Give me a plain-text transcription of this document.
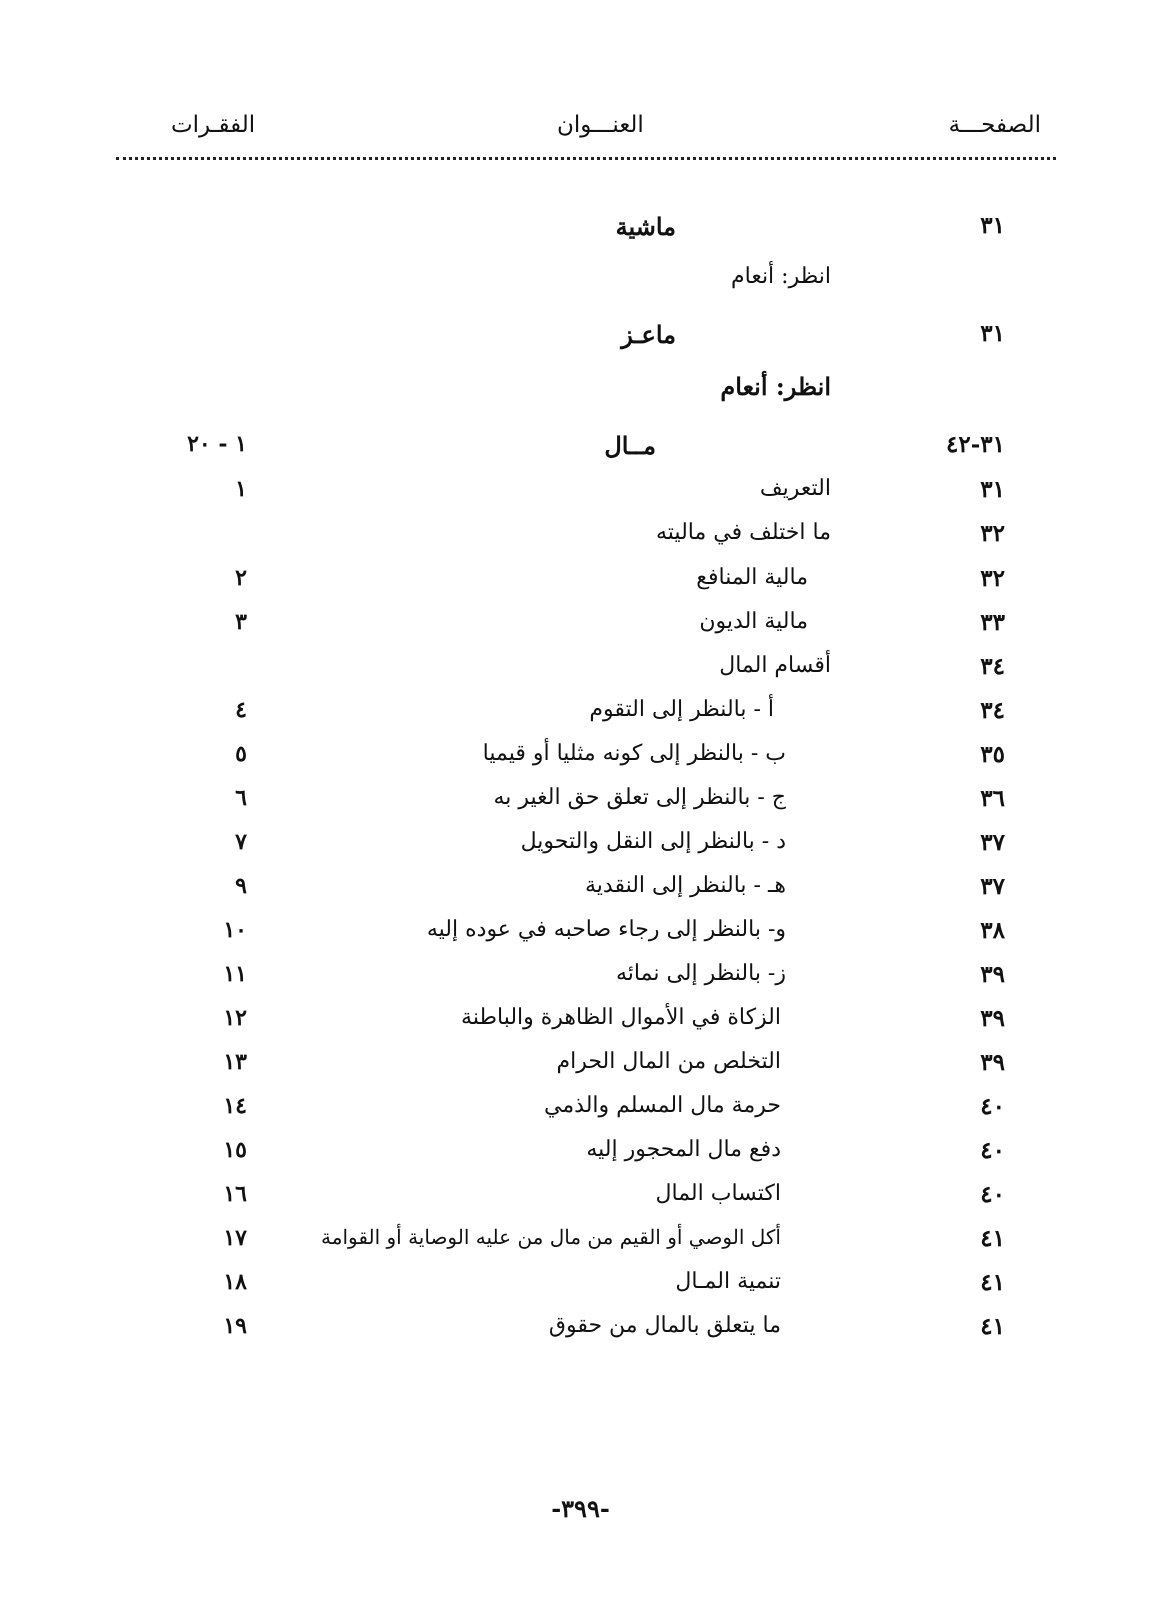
الصفحـــة
العنـــوان
الفقـرات
٣١
ماشية
انظر: أنعام
٣١
ماعـز
انظر: أنعام
٣١-٤٢
مــال
١ - ٢٠
٣١
التعريف
١
٣٢
ما اختلف في ماليته
٣٢
مالية المنافع
٢
٣٣
مالية الديون
٣
٣٤
أقسام المال
٣٤
أ - بالنظر إلى التقوم
٤
٣٥
ب - بالنظر إلى كونه مثليا أو قيميا
٥
٣٦
ج - بالنظر إلى تعلق حق الغير به
٦
٣٧
د - بالنظر إلى النقل والتحويل
٧
٣٧
هـ - بالنظر إلى النقدية
٩
٣٨
و- بالنظر إلى رجاء صاحبه في عوده إليه
١٠
٣٩
ز- بالنظر إلى نمائه
١١
٣٩
الزكاة في الأموال الظاهرة والباطنة
١٢
٣٩
التخلص من المال الحرام
١٣
٤٠
حرمة مال المسلم والذمي
١٤
٤٠
دفع مال المحجور إليه
١٥
٤٠
اكتساب المال
١٦
٤١
أكل الوصي أو القيم من مال من عليه الوصاية أو القوامة
١٧
٤١
تنمية المـال
١٨
٤١
ما يتعلق بالمال من حقوق
١٩
-٣٩٩-
